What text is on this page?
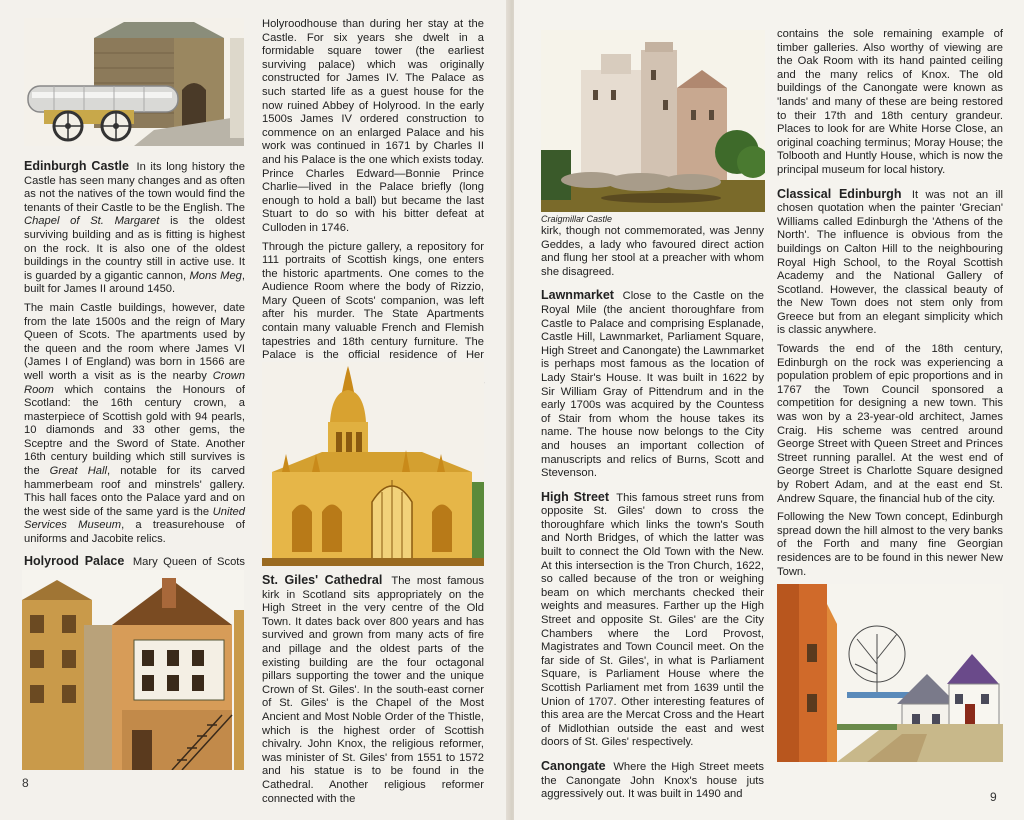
Edinburgh Castle In its long history the Castle has seen many changes and as often as not the natives of the town would find the tenants of their Castle to be the English. The Chapel of St. Margaret is the oldest surviving building and as is fitting is highest on the rock. It is also one of the oldest buildings in the country still in active use. It is guarded by a gigantic cannon, Mons Meg, built for James II around 1450.

The main Castle buildings, however, date from the late 1500s and the reign of Mary Queen of Scots. The apartments used by the queen and the room where James VI (James I of England) was born in 1566 are well worth a visit as is the nearby Crown Room which contains the Honours of Scotland: the 16th century crown, a masterpiece of Scottish gold with 94 pearls, 10 diamonds and 33 other gems, the Sceptre and the Sword of State. Another 16th century building which still survives is the Great Hall, notable for its carved hammerbeam roof and minstrels' gallery. This hall faces onto the Palace yard and on the west side of the same yard is the United Services Museum, a treasurehouse of uniforms and Jacobite relics.

Holyrood Palace Mary Queen of Scots

8

Holyroodhouse than during her stay at the Castle. For six years she dwelt in a formidable square tower (the earliest surviving palace) which was originally constructed for James IV. The Palace as such started life as a guest house for the now ruined Abbey of Holyrood. In the early 1500s James IV ordered construction to commence on an enlarged Palace and his work was continued in 1671 by Charles II and his Palace is the one which exists today. Prince Charles Edward—Bonnie Prince Charlie—lived in the Palace briefly (long enough to hold a ball) but became the last Stuart to do so with his bitter defeat at Culloden in 1746.

Through the picture gallery, a repository for 111 portraits of Scottish kings, one enters the historic apartments. One comes to the Audience Room where the body of Rizzio, Mary Queen of Scots' companion, was left after his murder. The State Apartments contain many valuable French and Flemish tapestries and 18th century furniture. The Palace is the official residence of Her

St. Giles' Cathedral The most famous kirk in Scotland sits appropriately on the High Street in the very centre of the Old Town. It dates back over 800 years and has survived and grown from many acts of fire and pillage and the oldest parts of the existing building are the four octagonal pillars supporting the tower and the unique Crown of St. Giles'. In the south-east corner of St. Giles' is the Chapel of the Most Ancient and Most Noble Order of the Thistle, which is the highest order of Scottish chivalry. John Knox, the religious reformer, was minister of St. Giles' from 1551 to 1572 and his statue is to be found in the Cathedral. Another religious reformer connected with the

Craigmillar Castle

kirk, though not commemorated, was Jenny Geddes, a lady who favoured direct action and flung her stool at a preacher with whom she disagreed.

Lawnmarket Close to the Castle on the Royal Mile (the ancient thoroughfare from Castle to Palace and comprising Esplanade, Castle Hill, Lawnmarket, Parliament Square, High Street and Canongate) the Lawnmarket is perhaps most famous as the location of Lady Stair's House. It was built in 1622 by Sir William Gray of Pittendrum and in the early 1700s was acquired by the Countess of Stair from whom the house takes its name. The house now belongs to the City and houses an important collection of manuscripts and relics of Burns, Scott and Stevenson.

High Street This famous street runs from opposite St. Giles' down to cross the thoroughfare which links the town's South and North Bridges, of which the latter was built to connect the Old Town with the New. At this intersection is the Tron Church, 1622, so called because of the tron or weighing beam on which merchants checked their weights and measures. Farther up the High Street and opposite St. Giles' are the City Chambers where the Lord Provost, Magistrates and Town Council meet. On the far side of St. Giles', in what is Parliament Square, is Parliament House where the Scottish Parliament met from 1639 until the Union of 1707. Other interesting features of this area are the Mercat Cross and the Heart of Midlothian outside the east and west doors of St. Giles' respectively.

Canongate Where the High Street meets the Canongate John Knox's house juts aggressively out. It was built in 1490 and

contains the sole remaining example of timber galleries. Also worthy of viewing are the Oak Room with its hand painted ceiling and the many relics of Knox. The old buildings of the Canongate were known as 'lands' and many of these are being restored to their 17th and 18th century grandeur. Places to look for are White Horse Close, an original coaching terminus; Moray House; the Tolbooth and Huntly House, which is now the principal museum for local history.

Classical Edinburgh It was not an ill chosen quotation when the painter 'Grecian' Williams called Edinburgh the 'Athens of the North'. The influence is obvious from the buildings on Calton Hill to the neighbouring Royal High School, to the Royal Scottish Academy and the National Gallery of Scotland. However, the classical beauty of the New Town does not stem only from Greece but from an elegant simplicity which is classic anywhere.

Towards the end of the 18th century, Edinburgh on the rock was experiencing a population problem of epic proportions and in 1767 the Town Council sponsored a competition for designing a new town. This was won by a 23-year-old architect, James Craig. His scheme was centred around George Street with Queen Street and Princes Street running parallel. At the west end of George Street is Charlotte Square designed by Robert Adam, and at the east end St. Andrew Square, the financial hub of the city.

Following the New Town concept, Edinburgh spread down the hill almost to the very banks of the Forth and many fine Georgian residences are to be found in this newer New Town.

9
